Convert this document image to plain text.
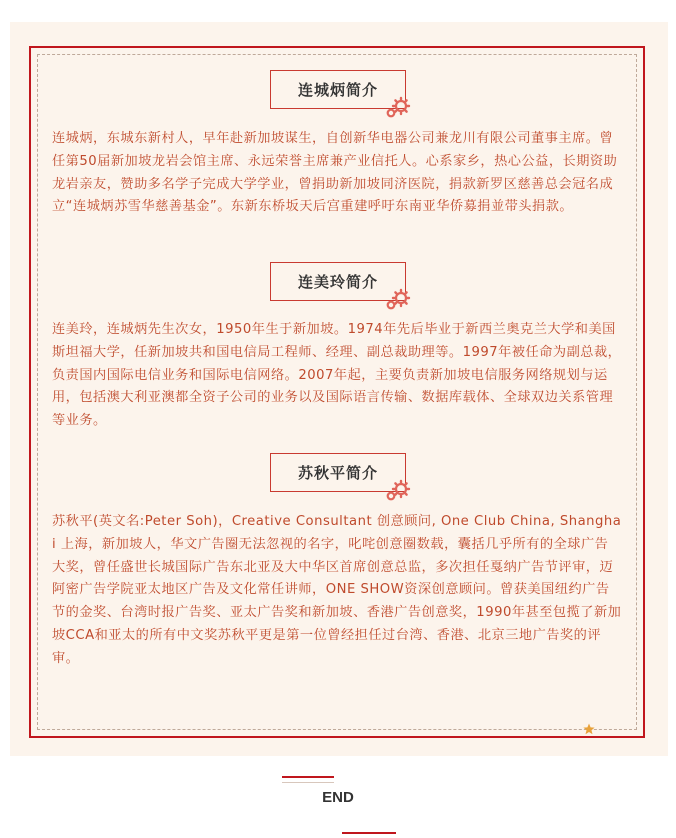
连城炳简介

连城炳，东城东新村人，早年赴新加坡谋生，自创新华电器公司兼龙川有限公司董事主席。曾任第50届新加坡龙岩会馆主席、永远荣誉主席兼产业信托人。心系家乡，热心公益，长期资助龙岩亲友，赞助多名学子完成大学学业，曾捐助新加坡同济医院，捐款新罗区慈善总会冠名成立“连城炳苏雪华慈善基金”。东新东桥坂天后宫重建呼吁东南亚华侨募捐並带头捐款。

连美玲简介

连美玲，连城炳先生次女，1950年生于新加坡。1974年先后毕业于新西兰奥克兰大学和美国斯坦福大学，任新加坡共和国电信局工程师、经理、副总裁助理等。1997年被任命为副总裁，负责国内国际电信业务和国际电信网络。2007年起，主要负责新加坡电信服务网络规划与运用，包括澳大利亚澳都全资子公司的业务以及国际语言传输、数据库载体、全球双边关系管理等业务。

苏秋平简介

苏秋平(英文名:Peter Soh)，Creative Consultant 创意顾问, One Club China, Shanghai 上海，新加坡人，华文广告圈无法忽视的名字，叱咤创意圈数载，囊括几乎所有的全球广告大奖，曾任盛世长城国际广告东北亚及大中华区首席创意总监，多次担任戛纳广告节评审，迈阿密广告学院亚太地区广告及文化常任讲师，ONE SHOW资深创意顾问。曾获美国纽约广告节的金奖、台湾时报广告奖、亚太广告奖和新加坡、香港广告创意奖，1990年甚至包揽了新加坡CCA和亚太的所有中文奖苏秋平更是第一位曾经担任过台湾、香港、北京三地广告奖的评审。

END
